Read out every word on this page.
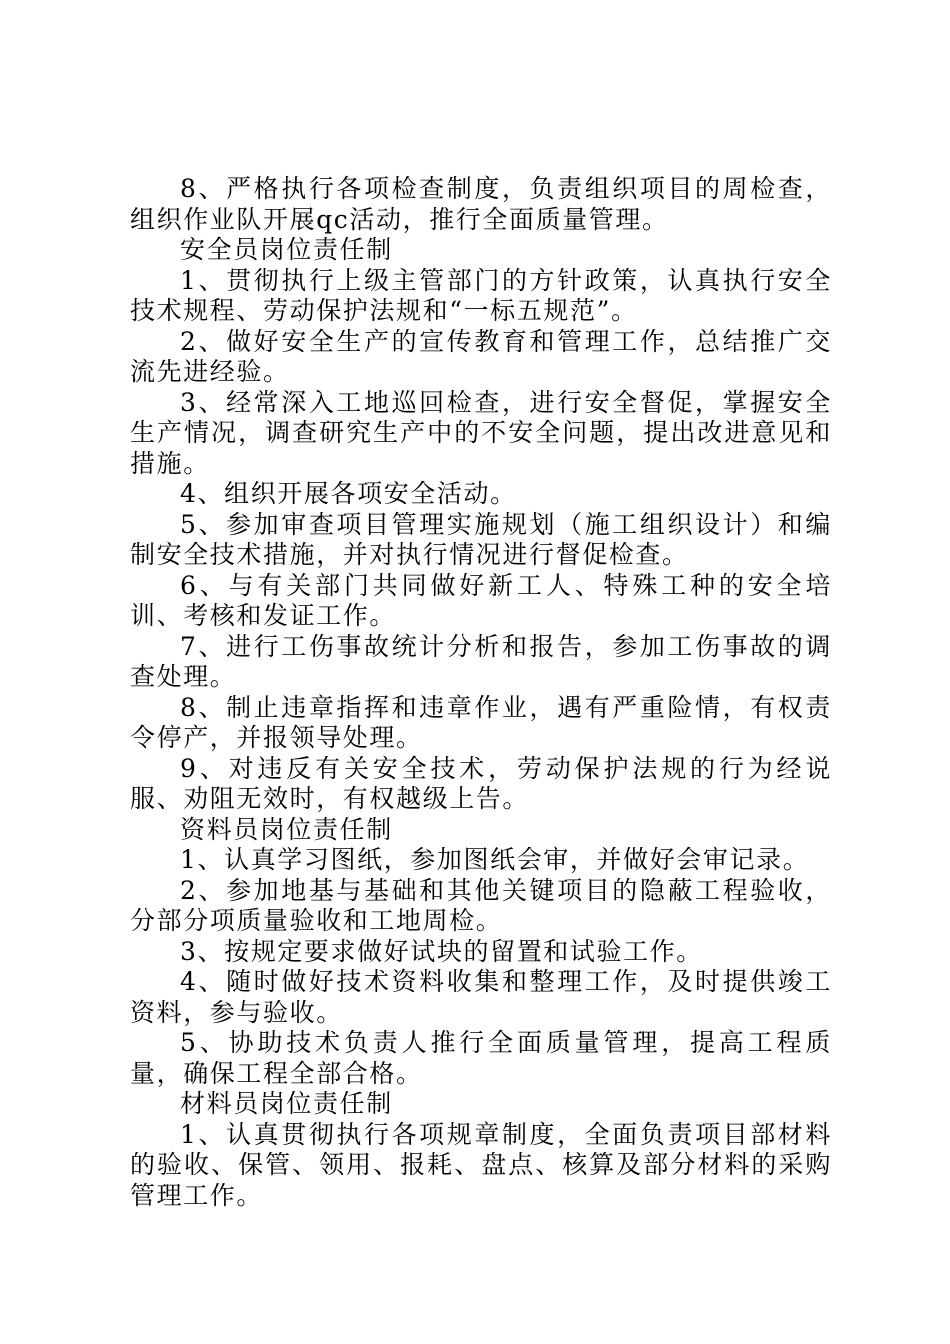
8、严格执行各项检查制度，负责组织项目的周检查，组织作业队开展qc活动，推行全面质量管理。

安全员岗位责任制

1、贯彻执行上级主管部门的方针政策，认真执行安全技术规程、劳动保护法规和“一标五规范”。

2、做好安全生产的宣传教育和管理工作，总结推广交流先进经验。

3、经常深入工地巡回检查，进行安全督促，掌握安全生产情况，调查研究生产中的不安全问题，提出改进意见和措施。

4、组织开展各项安全活动。

5、参加审查项目管理实施规划（施工组织设计）和编制安全技术措施，并对执行情况进行督促检查。

6、与有关部门共同做好新工人、特殊工种的安全培训、考核和发证工作。

7、进行工伤事故统计分析和报告，参加工伤事故的调查处理。

8、制止违章指挥和违章作业，遇有严重险情，有权责令停产，并报领导处理。

9、对违反有关安全技术，劳动保护法规的行为经说服、劝阻无效时，有权越级上告。

资料员岗位责任制

1、认真学习图纸，参加图纸会审，并做好会审记录。

2、参加地基与基础和其他关键项目的隐蔽工程验收，分部分项质量验收和工地周检。

3、按规定要求做好试块的留置和试验工作。

4、随时做好技术资料收集和整理工作，及时提供竣工资料，参与验收。

5、协助技术负责人推行全面质量管理，提高工程质量，确保工程全部合格。

材料员岗位责任制

1、认真贯彻执行各项规章制度，全面负责项目部材料的验收、保管、领用、报耗、盘点、核算及部分材料的采购管理工作。
